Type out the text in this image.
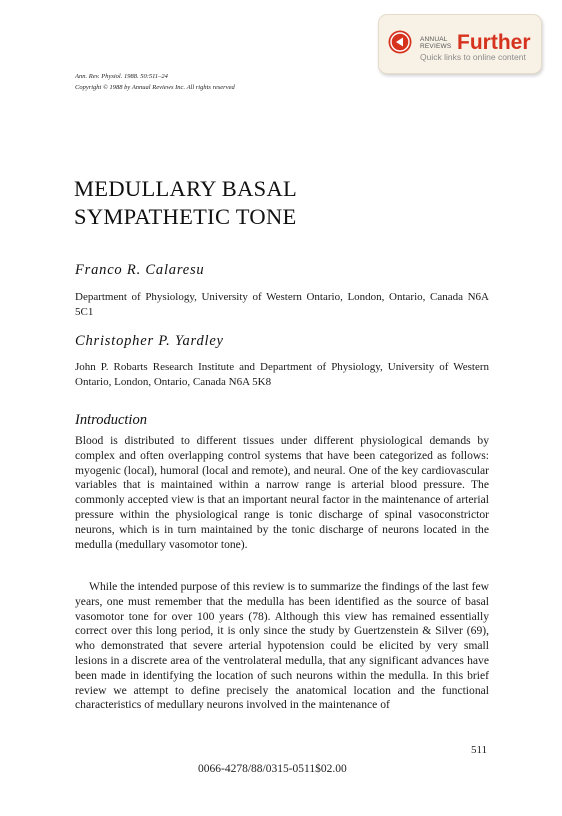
ANNUAL
REVIEWS Further
Quick links to online content
Ann. Rev. Physiol. 1988. 50:511–24
Copyright © 1988 by Annual Reviews Inc. All rights reserved
MEDULLARY BASAL
SYMPATHETIC TONE
Franco R. Calaresu
Department of Physiology, University of Western Ontario, London, Ontario, Canada N6A 5C1
Christopher P. Yardley
John P. Robarts Research Institute and Department of Physiology, University of Western Ontario, London, Ontario, Canada N6A 5K8
Introduction

Blood is distributed to different tissues under different physiological demands by complex and often overlapping control systems that have been categorized as follows: myogenic (local), humoral (local and remote), and neural. One of the key cardiovascular variables that is maintained within a narrow range is arterial blood pressure. The commonly accepted view is that an important neural factor in the maintenance of arterial pressure within the physiological range is tonic discharge of spinal vasoconstrictor neurons, which is in turn maintained by the tonic discharge of neurons located in the medulla (medullary vasomotor tone).

While the intended purpose of this review is to summarize the findings of the last few years, one must remember that the medulla has been identified as the source of basal vasomotor tone for over 100 years (78). Although this view has remained essentially correct over this long period, it is only since the study by Guertzenstein & Silver (69), who demonstrated that severe arterial hypotension could be elicited by very small lesions in a discrete area of the ventrolateral medulla, that any significant advances have been made in identifying the location of such neurons within the medulla. In this brief review we attempt to define precisely the anatomical location and the functional characteristics of medullary neurons involved in the maintenance of

511
0066-4278/88/0315-0511$02.00
